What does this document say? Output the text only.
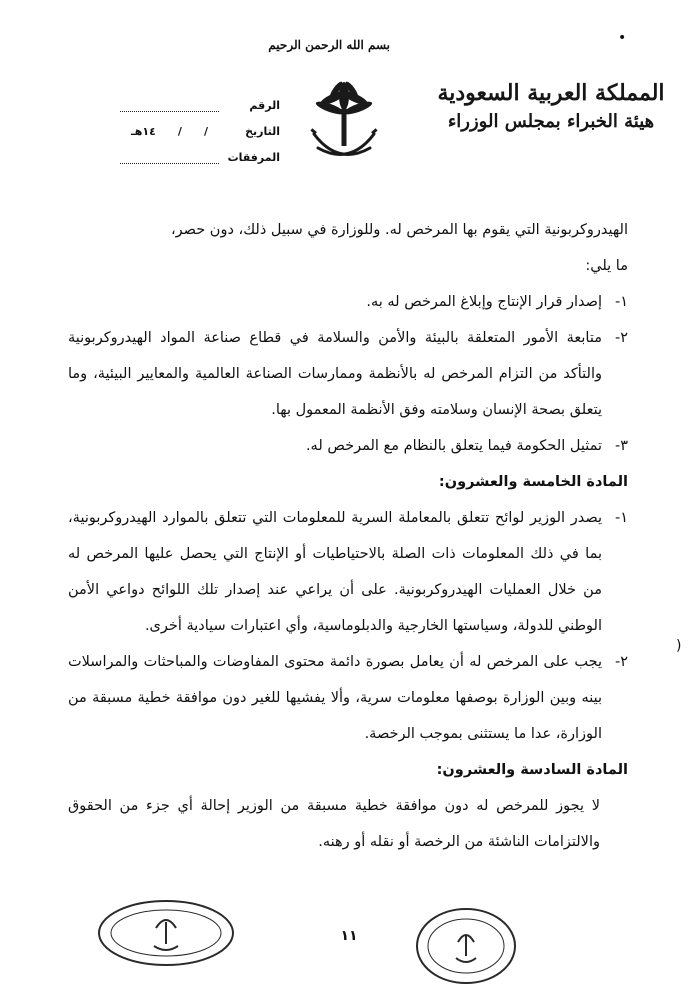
•
المملكة العربية السعودية
هيئة الخبراء بمجلس الوزراء
بسم الله الرحمن الرحيم
الرقم
التاريخ
/
/
١٤هـ
المرفقات

الهيدروكربونية التي يقوم بها المرخص له. وللوزارة في سبيل ذلك، دون حصر،

ما يلي:

١-
إصدار قرار الإنتاج وإبلاغ المرخص له به.
٢-
متابعة الأمور المتعلقة بالبيئة والأمن والسلامة في قطاع صناعة المواد الهيدروكربونية والتأكد من التزام المرخص له بالأنظمة وممارسات الصناعة العالمية والمعايير البيئية، وما يتعلق بصحة الإنسان وسلامته وفق الأنظمة المعمول بها.
٣-
تمثيل الحكومة فيما يتعلق بالنظام مع المرخص له.

المادة الخامسة والعشرون:

١-
يصدر الوزير لوائح تتعلق بالمعاملة السرية للمعلومات التي تتعلق بالموارد الهيدروكربونية، بما في ذلك المعلومات ذات الصلة بالاحتياطيات أو الإنتاج التي يحصل عليها المرخص له من خلال العمليات الهيدروكربونية. على أن يراعي عند إصدار تلك اللوائح دواعي الأمن الوطني للدولة، وسياستها الخارجية والدبلوماسية، وأي اعتبارات سيادية أخرى.
٢-
يجب على المرخص له أن يعامل بصورة دائمة محتوى المفاوضات والمباحثات والمراسلات بينه وبين الوزارة بوصفها معلومات سرية، وألا يفشيها للغير دون موافقة خطية مسبقة من الوزارة، عدا ما يستثنى بموجب الرخصة.

المادة السادسة والعشرون:

لا يجوز للمرخص له دون موافقة خطية مسبقة من الوزير إحالة أي جزء من الحقوق والالتزامات الناشئة من الرخصة أو نقله أو رهنه.

(
١١
